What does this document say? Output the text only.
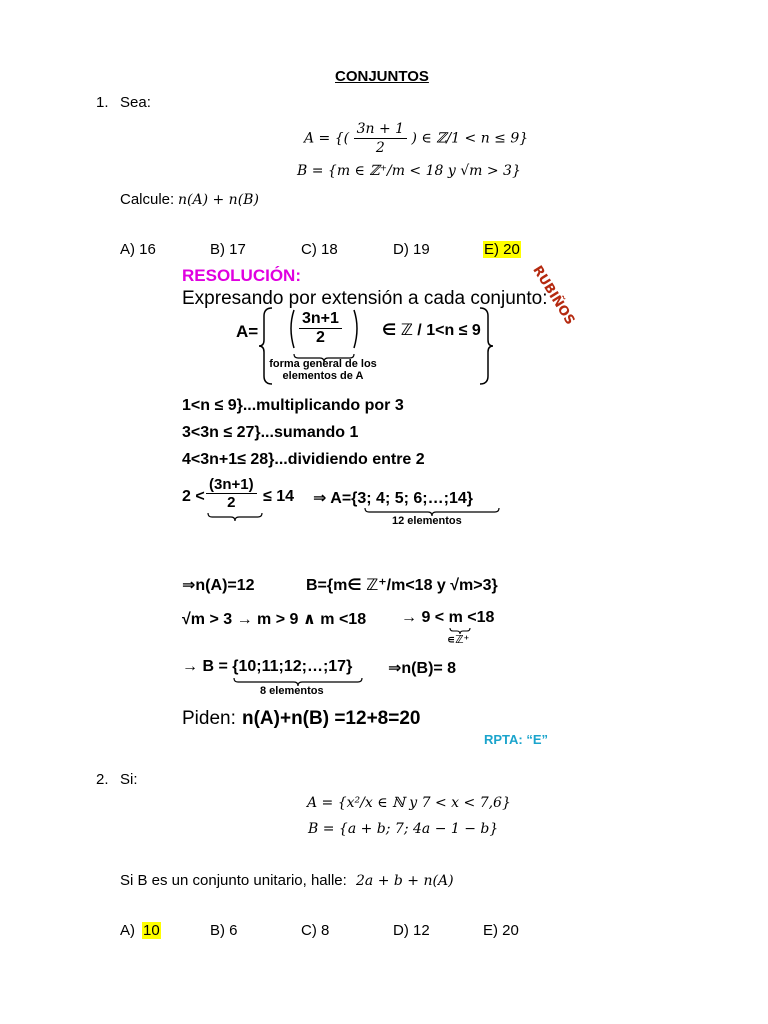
CONJUNTOS
1. Sea:
A = {( $\frac{3n + 1}{2}$ ) ∈ ℤ/1 < n ≤ 9}
B = {m ∈ ℤ⁺/m < 18 y √m > 3}
Calcule: n(A) + n(B)
A) 16	B) 17	C) 18	D) 19	E) 20
RESOLUCIÓN:
Expresando por extensión a cada conjunto:
RUBIÑOS
A=	$\frac{3n+1}{2}$	∈ ℤ / 1<n ≤ 9
forma general de los elementos de A
1<n ≤ 9}...multiplicando por 3
3<3n ≤ 27}...sumando 1
4<3n+1≤ 28}...dividiendo entre 2
$2 < \frac{(3n+1)}{2} \le 14$ ⇒ A={3; 4; 5; 6;…;14}
12 elementos
⇒n(A)=12	B={m∈ ℤ⁺/m<18 y √m>3}
√m > 3 → m > 9 ∧ m <18 → 9 < m <18
∊ℤ⁺
→ B = {10;11;12;…;17}
8 elementos
⇒n(B)= 8
Piden: n(A)+n(B) =12+8=20
RPTA: “E”
2. Si:
A = {x²/x ∈ ℕ y 7 < x < 7,6}
B = {a + b; 7; 4a − 1 − b}
Si B es un conjunto unitario, halle: 2a + b + n(A)
A) 10	B) 6	C) 8	D) 12	E) 20
